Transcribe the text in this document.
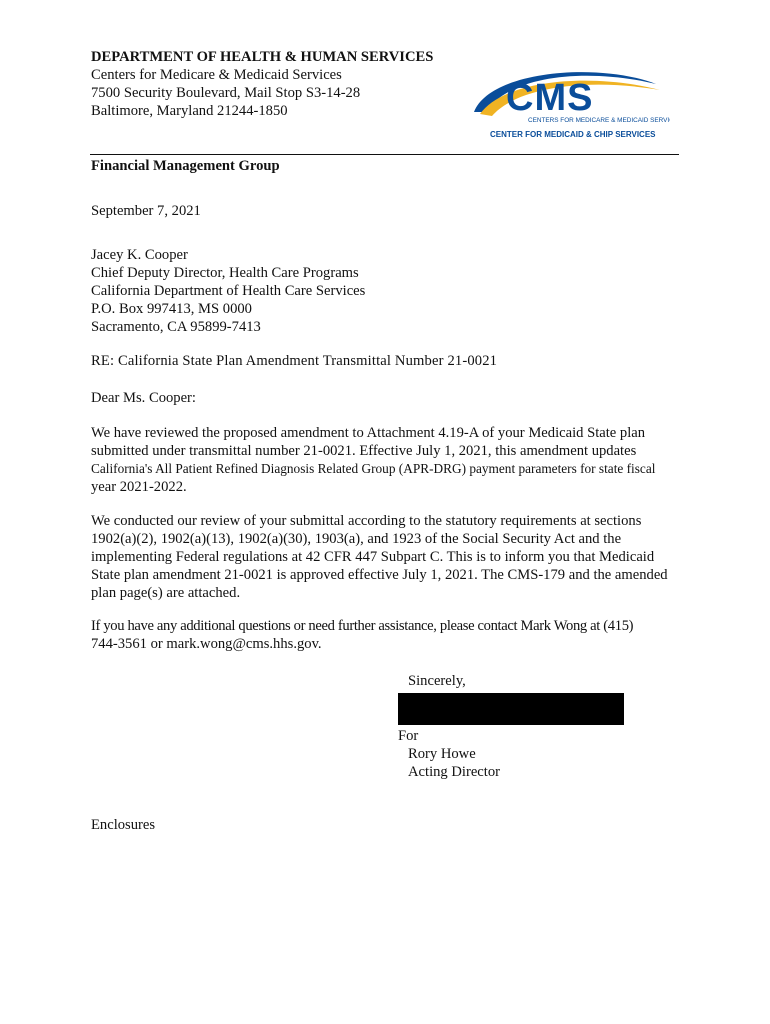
DEPARTMENT OF HEALTH & HUMAN SERVICES
Centers for Medicare & Medicaid Services
7500 Security Boulevard, Mail Stop S3-14-28
Baltimore, Maryland 21244-1850	CMS
CENTERS FOR MEDICARE & MEDICAID SERVICES
CENTER FOR MEDICAID & CHIP SERVICES
Financial Management Group
September 7, 2021
Jacey K. Cooper
Chief Deputy Director, Health Care Programs
California Department of Health Care Services
P.O. Box 997413, MS 0000
Sacramento, CA 95899-7413
RE: California State Plan Amendment Transmittal Number 21-0021
Dear Ms. Cooper:
We have reviewed the proposed amendment to Attachment 4.19-A of your Medicaid State plan
submitted under transmittal number 21-0021. Effective July 1, 2021, this amendment updates
California's All Patient Refined Diagnosis Related Group (APR-DRG) payment parameters for state fiscal
year 2021-2022.
We conducted our review of your submittal according to the statutory requirements at sections
1902(a)(2), 1902(a)(13), 1902(a)(30), 1903(a), and 1923 of the Social Security Act and the
implementing Federal regulations at 42 CFR 447 Subpart C. This is to inform you that Medicaid
State plan amendment 21-0021 is approved effective July 1, 2021. The CMS-179 and the amended
plan page(s) are attached.
If you have any additional questions or need further assistance, please contact Mark Wong at (415)
744-3561 or mark.wong@cms.hhs.gov.
Sincerely,
For
Rory Howe
Acting Director
Enclosures
